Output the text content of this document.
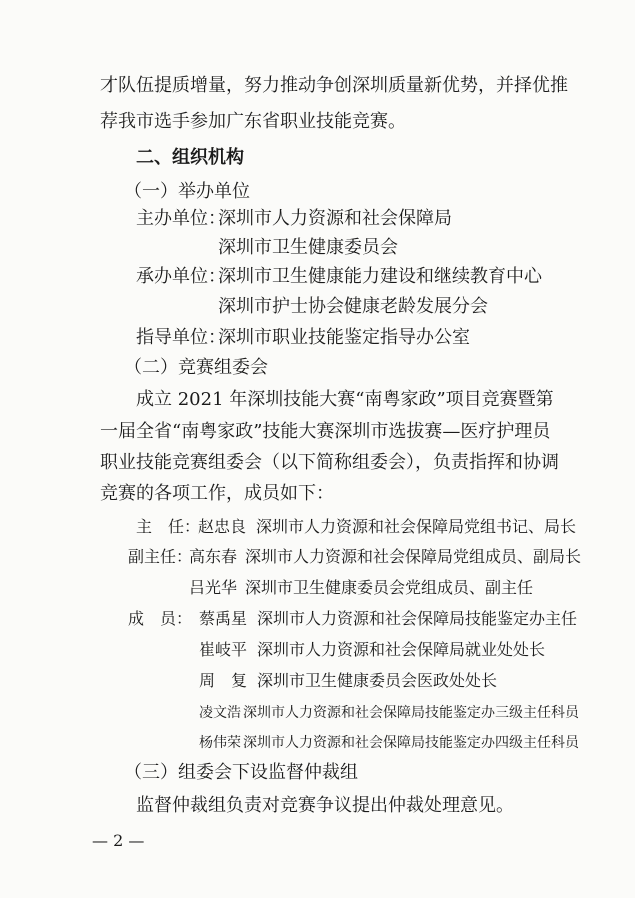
才队伍提质增量，努力推动争创深圳质量新优势，并择优推
荐我市选手参加广东省职业技能竞赛。
二、组织机构
（一）举办单位
主办单位：
深圳市人力资源和社会保障局
深圳市卫生健康委员会
承办单位：
深圳市卫生健康能力建设和继续教育中心
深圳市护士协会健康老龄发展分会
指导单位：
深圳市职业技能鉴定指导办公室
（二）竞赛组委会
成立 2021 年深圳技能大赛“南粤家政”项目竞赛暨第
一届全省“南粤家政”技能大赛深圳市选拔赛—医疗护理员
职业技能竞赛组委会（以下简称组委会），负责指挥和协调
竞赛的各项工作，成员如下：
主　任：
赵忠良 深圳市人力资源和社会保障局党组书记、局长
副主任：
高东春 深圳市人力资源和社会保障局党组成员、副局长
吕光华 深圳市卫生健康委员会党组成员、副主任
成　员： 蔡禹星 深圳市人力资源和社会保障局技能鉴定办主任
崔岐平 深圳市人力资源和社会保障局就业处处长
周　复 深圳市卫生健康委员会医政处处长
凌文浩 深圳市人力资源和社会保障局技能鉴定办三级主任科员
杨伟荣 深圳市人力资源和社会保障局技能鉴定办四级主任科员
（三）组委会下设监督仲裁组
监督仲裁组负责对竞赛争议提出仲裁处理意见。
— 2 —
